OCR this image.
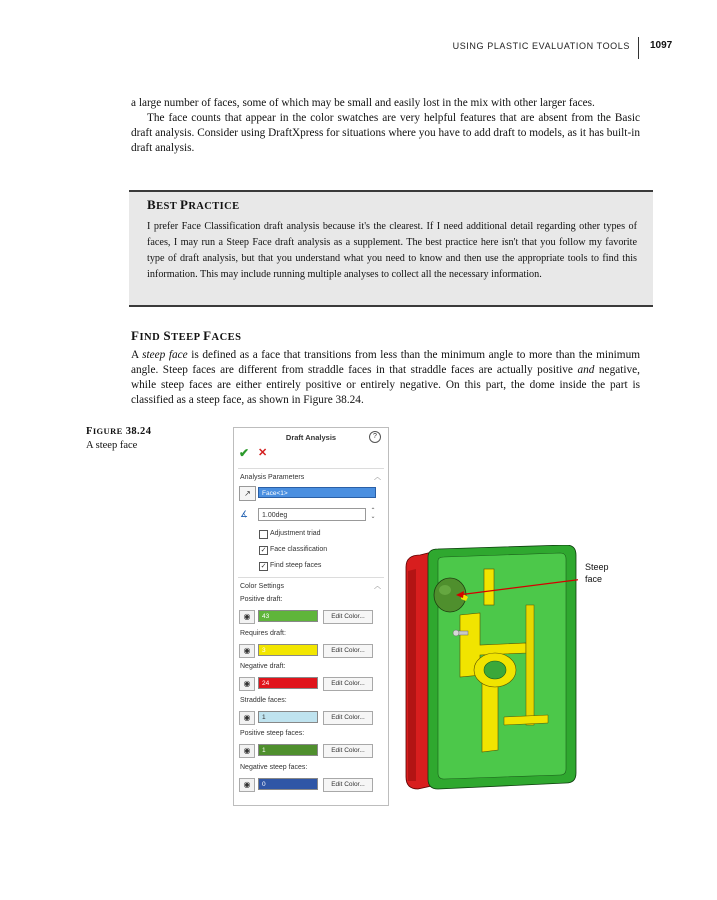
USING PLASTIC EVALUATION TOOLS 1097

a large number of faces, some of which may be small and easily lost in the mix with other larger faces.

The face counts that appear in the color swatches are very helpful features that are absent from the Basic draft analysis. Consider using DraftXpress for situations where you have to add draft to models, as it has built-in draft analysis.

BEST PRACTICE
I prefer Face Classification draft analysis because it's the clearest. If I need additional detail regarding other types of faces, I may run a Steep Face draft analysis as a supplement. The best practice here isn't that you follow my favorite type of draft analysis, but that you understand what you need to know and then use the appropriate tools to find this information. This may include running multiple analyses to collect all the necessary information.
FIND STEEP FACES

A steep face is defined as a face that transitions from less than the minimum angle to more than the minimum angle. Steep faces are different from straddle faces in that straddle faces are actually positive and negative, while steep faces are either entirely positive or entirely negative. On this part, the dome inside the part is classified as a steep face, as shown in Figure 38.24.

FIGURE 38.24
A steep face
Draft Analysis	?
✔ ✕
Analysis Parameters	︿
↗	Face<1>
∡	1.00deg
⌃
⌄
Adjustment triad
✓ Face classification
✓ Find steep faces
Color Settings	︿
Positive draft:
◉	43	Edit Color...
Requires draft:
◉	3	Edit Color...
Negative draft:
◉	24	Edit Color...
Straddle faces:
◉	1	Edit Color...
Positive steep faces:
◉	1	Edit Color...
Negative steep faces:
◉	0	Edit Color...
Steep
face
